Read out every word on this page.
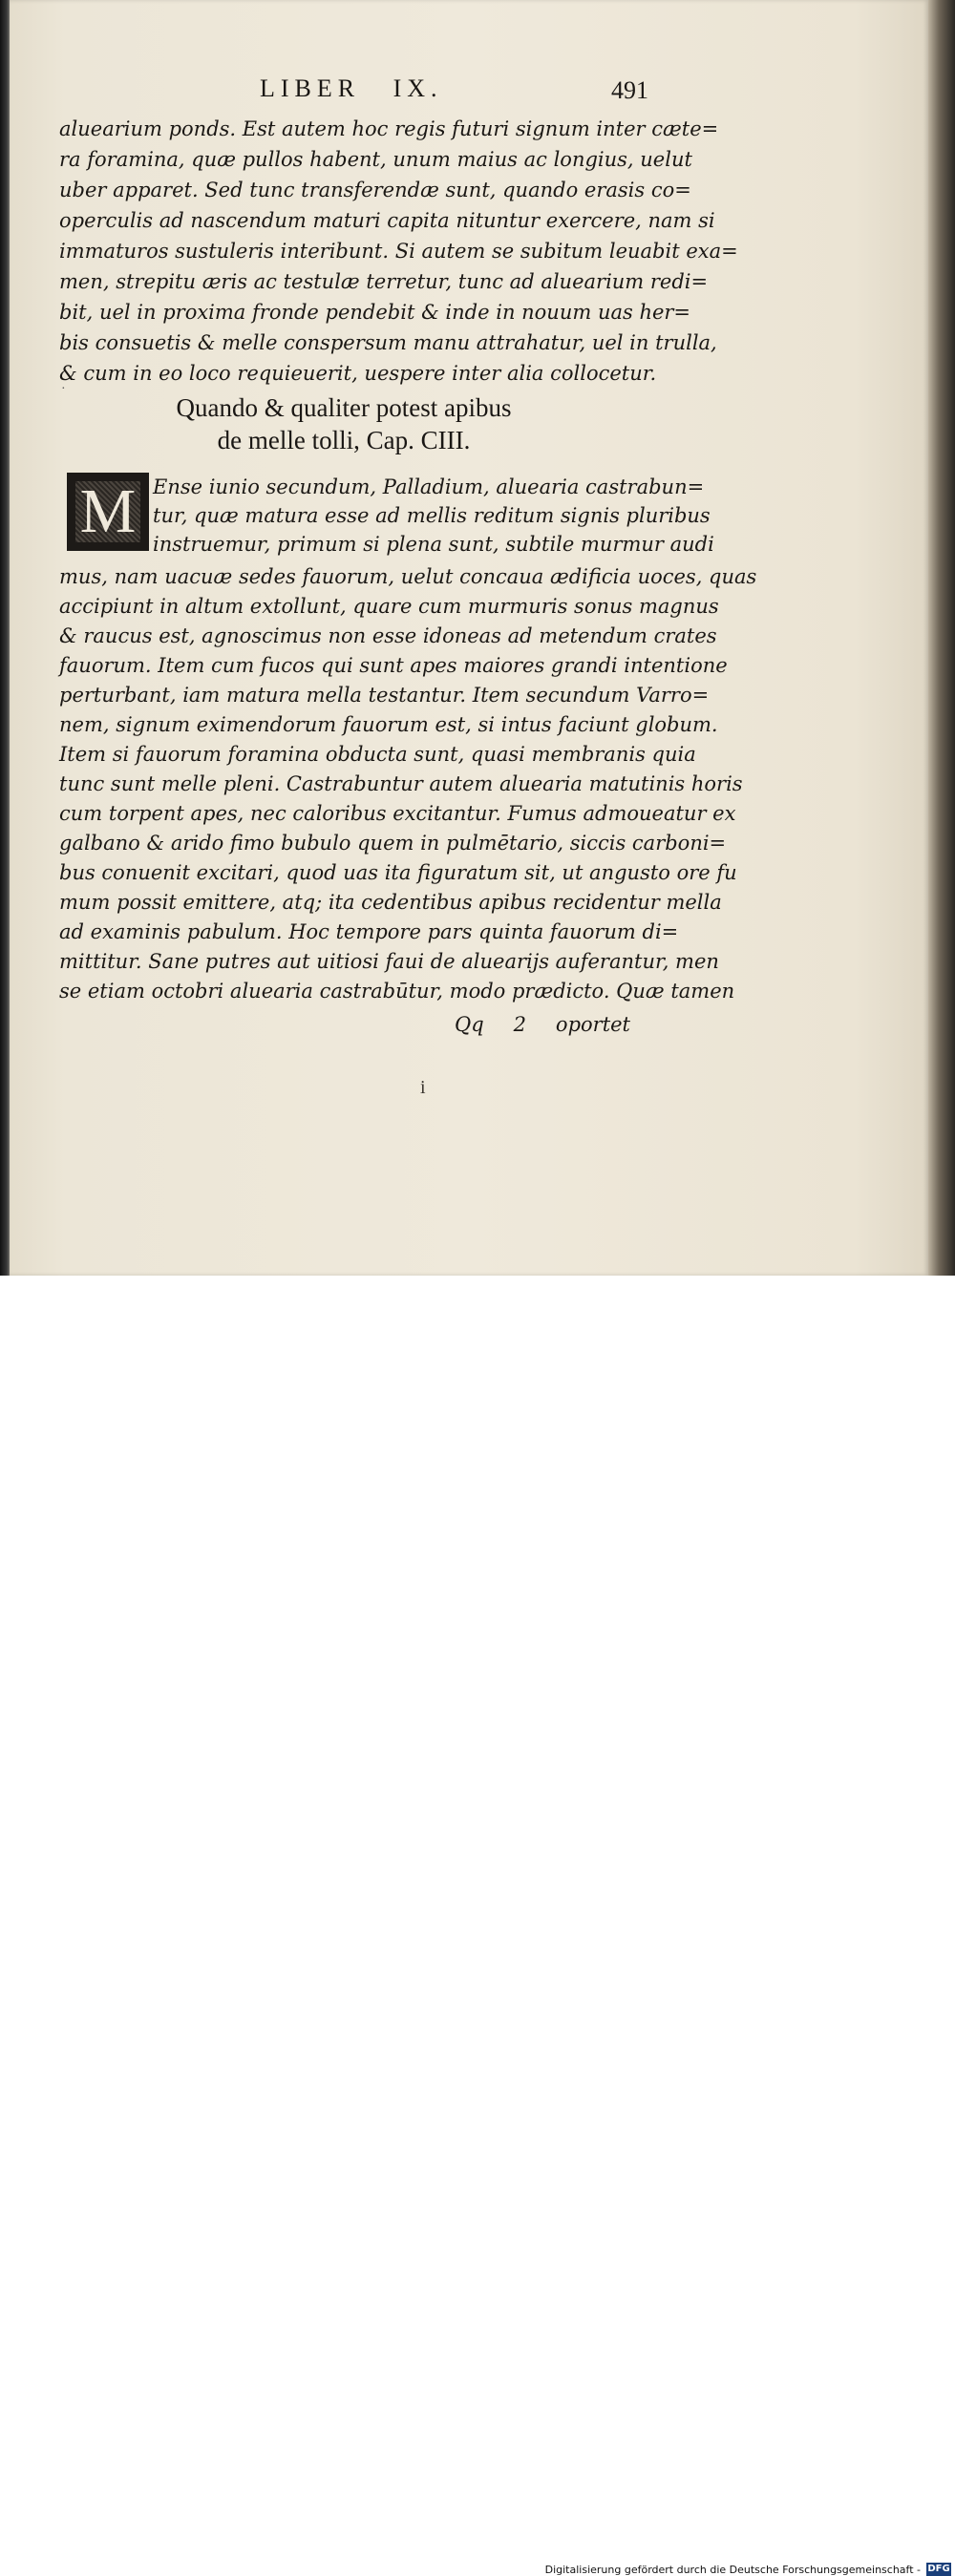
LIBER IX.	491
aluearium ponds. Est autem hoc regis futuri signum inter cæte=
ra foramina, quæ pullos habent, unum maius ac longius, uelut
uber apparet. Sed tunc transferendæ sunt, quando erasis co=
operculis ad nascendum maturi capita nituntur exercere, nam si
immaturos sustuleris interibunt. Si autem se subitum leuabit exa=
men, strepitu æris ac testulæ terretur, tunc ad aluearium redi=
bit, uel in proxima fronde pendebit & inde in nouum uas her=
bis consuetis & melle conspersum manu attrahatur, uel in trulla,
& cum in eo loco requieuerit, uespere inter alia collocetur.
·
Quando & qualiter potest apibus
de melle tolli, Cap. CIII.
M Ense iunio secundum, Palladium, aluearia castrabun=
tur, quæ matura esse ad mellis reditum signis pluribus
instruemur, primum si plena sunt, subtile murmur audi
mus, nam uacuæ sedes fauorum, uelut concaua ædificia uoces, quas
accipiunt in altum extollunt, quare cum murmuris sonus magnus
& raucus est, agnoscimus non esse idoneas ad metendum crates
fauorum. Item cum fucos qui sunt apes maiores grandi intentione
perturbant, iam matura mella testantur. Item secundum Varro=
nem, signum eximendorum fauorum est, si intus faciunt globum.
Item si fauorum foramina obducta sunt, quasi membranis quia
tunc sunt melle pleni. Castrabuntur autem aluearia matutinis horis
cum torpent apes, nec caloribus excitantur. Fumus admoueatur ex
galbano & arido fimo bubulo quem in pulmētario, siccis carboni=
bus conuenit excitari, quod uas ita figuratum sit, ut angusto ore fu
mum possit emittere, atq; ita cedentibus apibus recidentur mella
ad examinis pabulum. Hoc tempore pars quinta fauorum di=
mittitur. Sane putres aut uitiosi faui de aluearijs auferantur, men
se etiam octobri aluearia castrabūtur, modo prædicto. Quæ tamen
Qq 2 oportet
i
Digitalisierung gefördert durch die Deutsche Forschungsgemeinschaft - DFG
